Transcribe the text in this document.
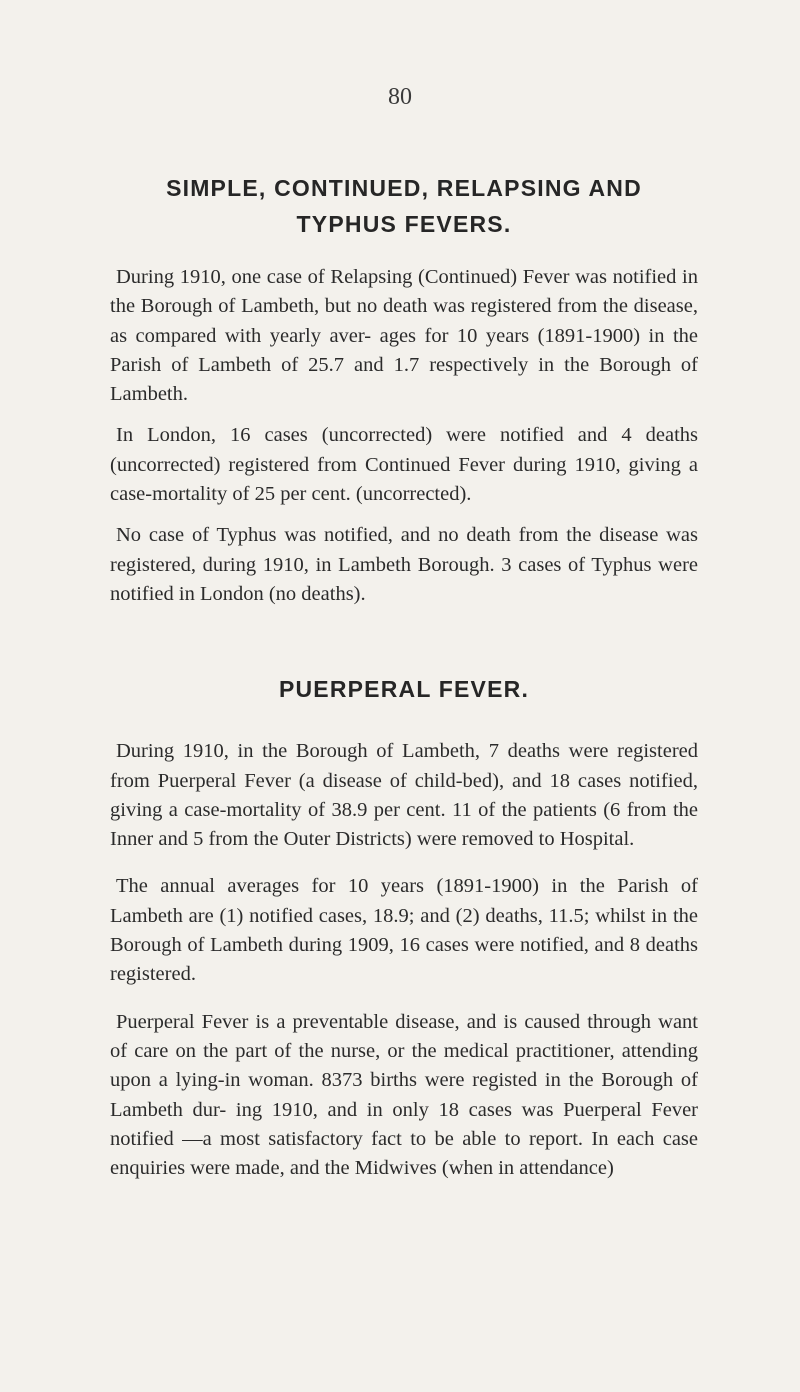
80
SIMPLE, CONTINUED, RELAPSING AND
TYPHUS FEVERS.

During 1910, one case of Relapsing (Continued) Fever was notified in the Borough of Lambeth, but no death was registered from the disease, as compared with yearly aver- ages for 10 years (1891-1900) in the Parish of Lambeth of 25.7 and 1.7 respectively in the Borough of Lambeth.

In London, 16 cases (uncorrected) were notified and 4 deaths (uncorrected) registered from Continued Fever during 1910, giving a case-mortality of 25 per cent. (uncorrected).

No case of Typhus was notified, and no death from the disease was registered, during 1910, in Lambeth Borough. 3 cases of Typhus were notified in London (no deaths).

PUERPERAL FEVER.

During 1910, in the Borough of Lambeth, 7 deaths were registered from Puerperal Fever (a disease of child-bed), and 18 cases notified, giving a case-mortality of 38.9 per cent. 11 of the patients (6 from the Inner and 5 from the Outer Districts) were removed to Hospital.

The annual averages for 10 years (1891-1900) in the Parish of Lambeth are (1) notified cases, 18.9; and (2) deaths, 11.5; whilst in the Borough of Lambeth during 1909, 16 cases were notified, and 8 deaths registered.

Puerperal Fever is a preventable disease, and is caused through want of care on the part of the nurse, or the medical practitioner, attending upon a lying-in woman. 8373 births were registed in the Borough of Lambeth dur- ing 1910, and in only 18 cases was Puerperal Fever notified —a most satisfactory fact to be able to report. In each case enquiries were made, and the Midwives (when in attendance)
